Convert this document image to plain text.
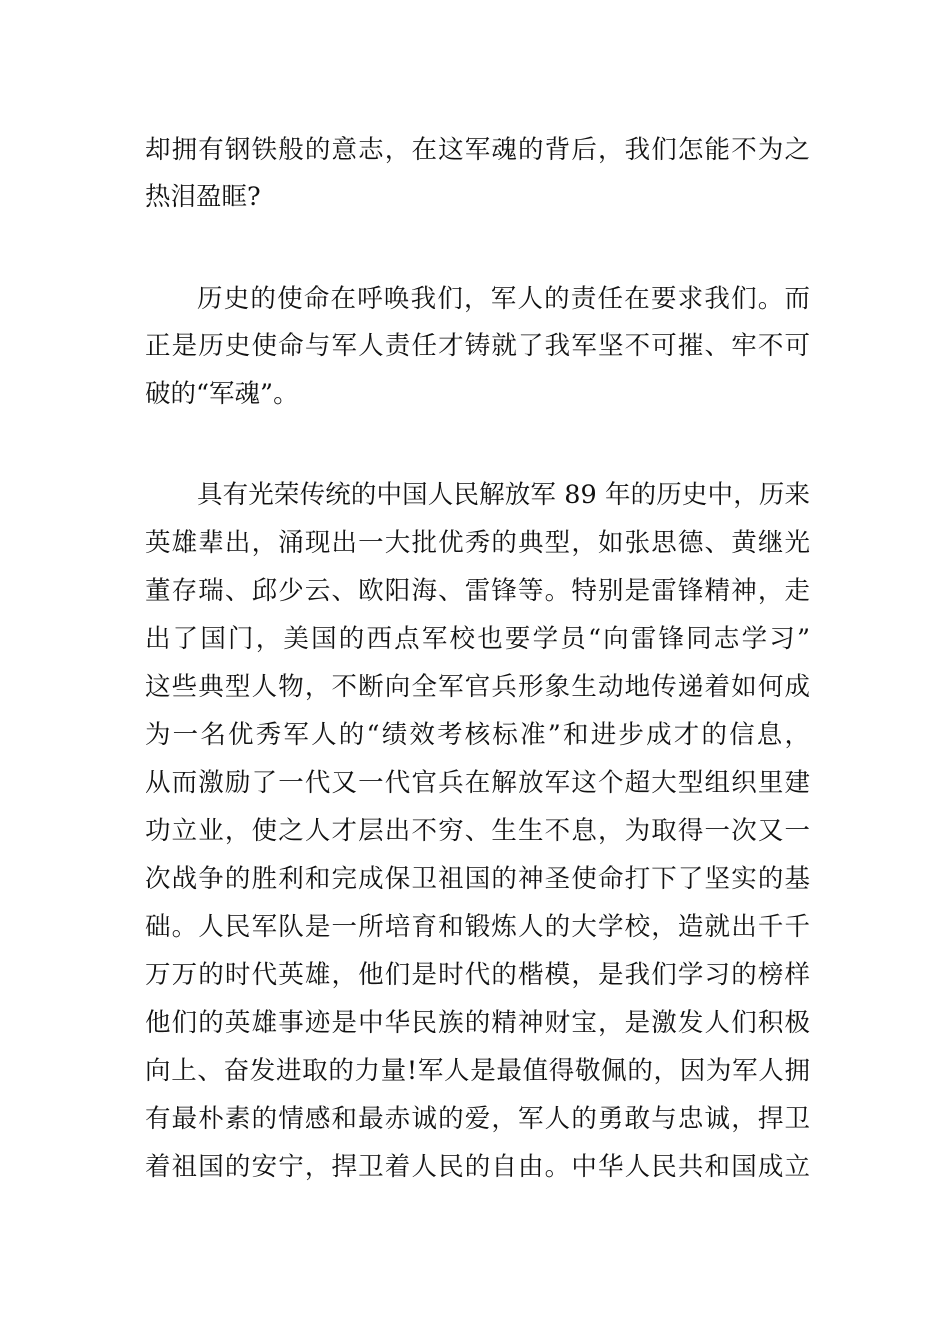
却拥有钢铁般的意志，在这军魂的背后，我们怎能不为之
热泪盈眶?
历史的使命在呼唤我们，军人的责任在要求我们。而
正是历史使命与军人责任才铸就了我军坚不可摧、牢不可
破的“军魂”。
具有光荣传统的中国人民解放军 89 年的历史中，历来
英雄辈出，涌现出一大批优秀的典型，如张思德、黄继光
董存瑞、邱少云、欧阳海、雷锋等。特别是雷锋精神，走
出了国门，美国的西点军校也要学员“向雷锋同志学习”
这些典型人物，不断向全军官兵形象生动地传递着如何成
为一名优秀军人的“绩效考核标准”和进步成才的信息，
从而激励了一代又一代官兵在解放军这个超大型组织里建
功立业，使之人才层出不穷、生生不息，为取得一次又一
次战争的胜利和完成保卫祖国的神圣使命打下了坚实的基
础。人民军队是一所培育和锻炼人的大学校，造就出千千
万万的时代英雄，他们是时代的楷模，是我们学习的榜样
他们的英雄事迹是中华民族的精神财宝，是激发人们积极
向上、奋发进取的力量!军人是最值得敬佩的，因为军人拥
有最朴素的情感和最赤诚的爱，军人的勇敢与忠诚，捍卫
着祖国的安宁，捍卫着人民的自由。中华人民共和国成立
